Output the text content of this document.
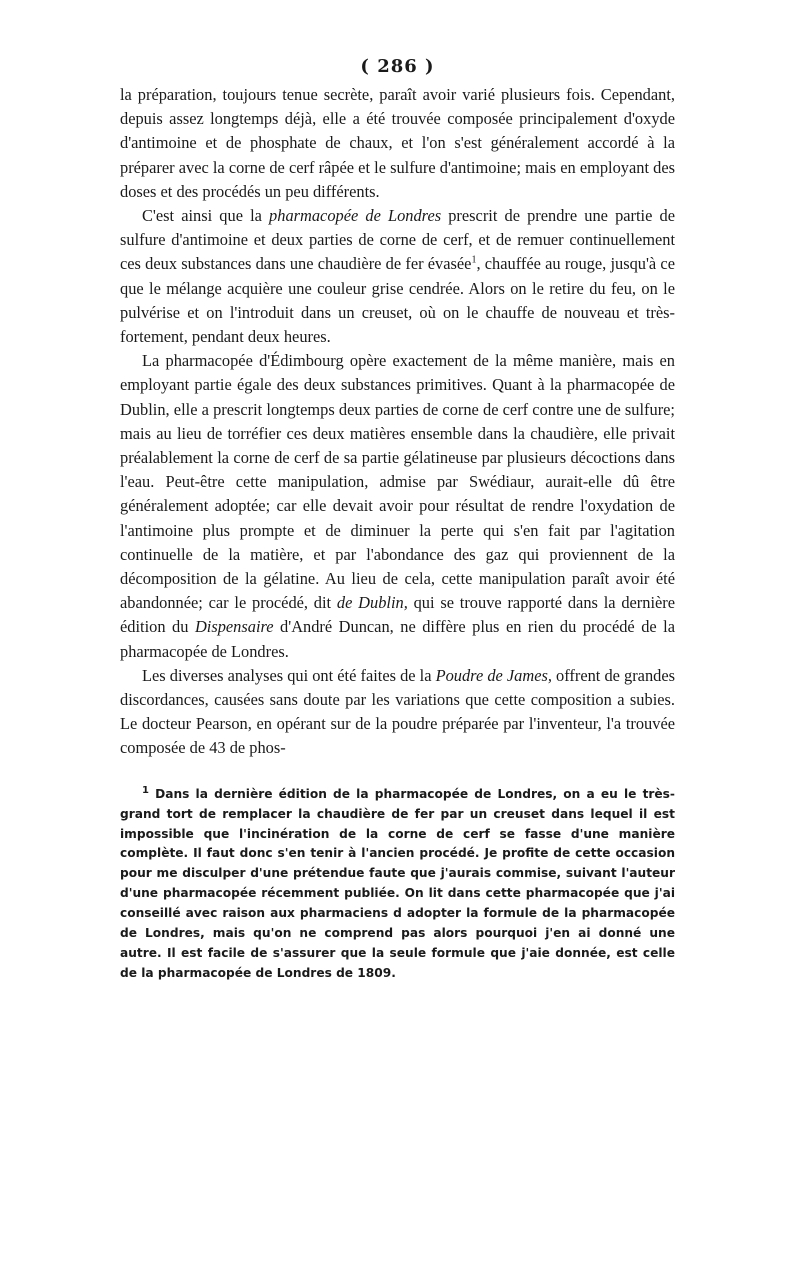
( 286 )

la préparation, toujours tenue secrète, paraît avoir varié plusieurs fois. Cependant, depuis assez longtemps déjà, elle a été trouvée composée principalement d'oxyde d'antimoine et de phosphate de chaux, et l'on s'est généralement accordé à la préparer avec la corne de cerf râpée et le sulfure d'antimoine; mais en employant des doses et des procédés un peu différents.

C'est ainsi que la pharmacopée de Londres prescrit de prendre une partie de sulfure d'antimoine et deux parties de corne de cerf, et de remuer continuellement ces deux substances dans une chaudière de fer évasée$^1$, chauffée au rouge, jusqu'à ce que le mélange acquière une couleur grise cendrée. Alors on le retire du feu, on le pulvérise et on l'introduit dans un creuset, où on le chauffe de nouveau et très-fortement, pendant deux heures.

La pharmacopée d'Édimbourg opère exactement de la même manière, mais en employant partie égale des deux substances primitives. Quant à la pharmacopée de Dublin, elle a prescrit longtemps deux parties de corne de cerf contre une de sulfure; mais au lieu de torréfier ces deux matières ensemble dans la chaudière, elle privait préalablement la corne de cerf de sa partie gélatineuse par plusieurs décoctions dans l'eau. Peut-être cette manipulation, admise par Swédiaur, aurait-elle dû être généralement adoptée; car elle devait avoir pour résultat de rendre l'oxydation de l'antimoine plus prompte et de diminuer la perte qui s'en fait par l'agitation continuelle de la matière, et par l'abondance des gaz qui proviennent de la décomposition de la gélatine. Au lieu de cela, cette manipulation paraît avoir été abandonnée; car le procédé, dit de Dublin, qui se trouve rapporté dans la dernière édition du Dispensaire d'André Duncan, ne diffère plus en rien du procédé de la pharmacopée de Londres.

Les diverses analyses qui ont été faites de la Poudre de James, offrent de grandes discordances, causées sans doute par les variations que cette composition a subies. Le docteur Pearson, en opérant sur de la poudre préparée par l'inventeur, l'a trouvée composée de 43 de phos-

$^1$ Dans la dernière édition de la pharmacopée de Londres, on a eu le très-grand tort de remplacer la chaudière de fer par un creuset dans lequel il est impossible que l'incinération de la corne de cerf se fasse d'une manière complète. Il faut donc s'en tenir à l'ancien procédé. Je profite de cette occasion pour me disculper d'une prétendue faute que j'aurais commise, suivant l'auteur d'une pharmacopée récemment publiée. On lit dans cette pharmacopée que j'ai conseillé avec raison aux pharmaciens d adopter la formule de la pharmacopée de Londres, mais qu'on ne comprend pas alors pourquoi j'en ai donné une autre. Il est facile de s'assurer que la seule formule que j'aie donnée, est celle de la pharmacopée de Londres de 1809.
